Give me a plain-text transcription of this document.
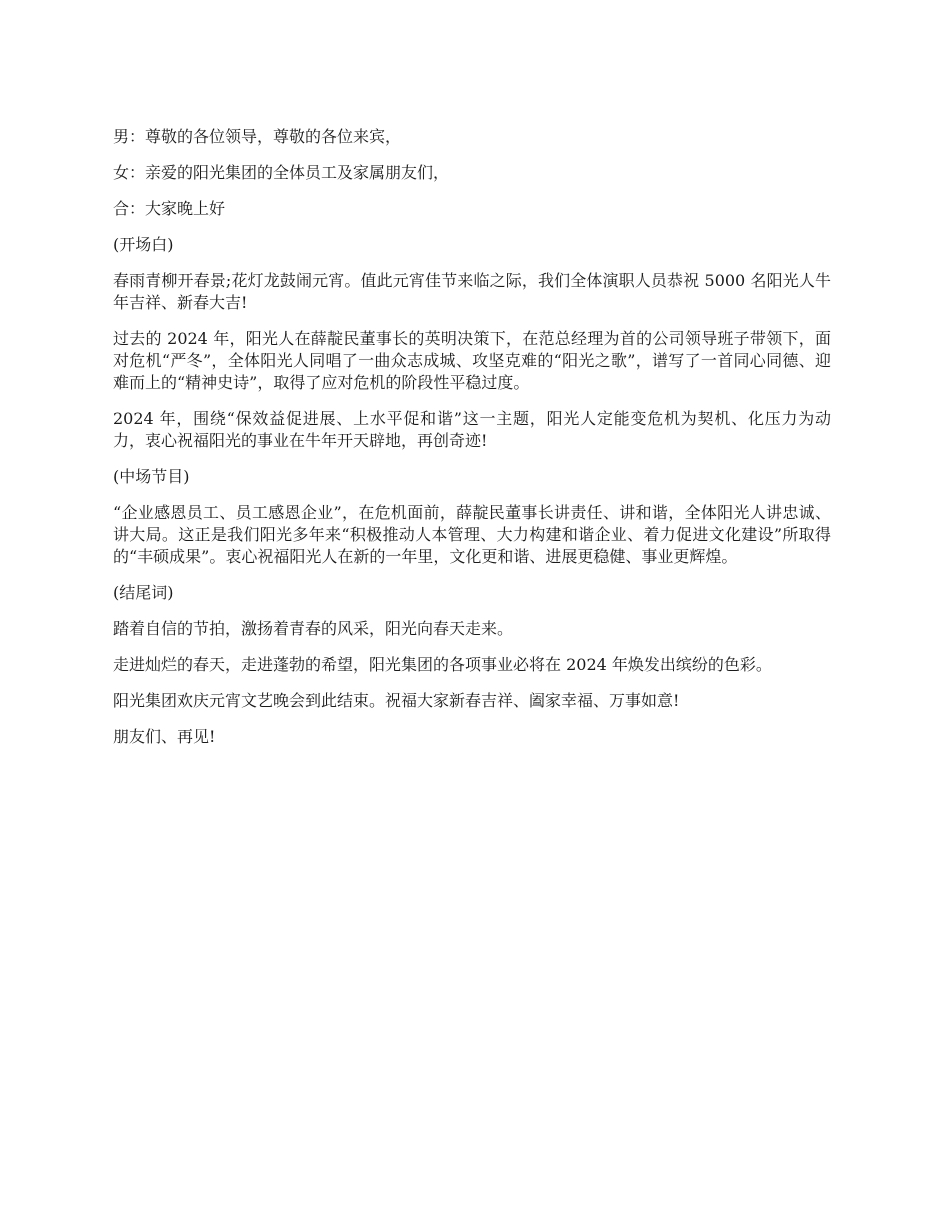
男：尊敬的各位领导，尊敬的各位来宾，

女：亲爱的阳光集团的全体员工及家属朋友们，

合：大家晚上好

(开场白)

春雨青柳开春景;花灯龙鼓闹元宵。值此元宵佳节来临之际，我们全体演职人员恭祝 5000 名阳光人牛年吉祥、新春大吉!

过去的 2024 年，阳光人在薛靛民董事长的英明决策下，在范总经理为首的公司领导班子带领下，面对危机“严冬”，全体阳光人同唱了一曲众志成城、攻坚克难的“阳光之歌”，谱写了一首同心同德、迎难而上的“精神史诗”，取得了应对危机的阶段性平稳过度。

2024 年，围绕“保效益促进展、上水平促和谐”这一主题，阳光人定能变危机为契机、化压力为动力，衷心祝福阳光的事业在牛年开天辟地，再创奇迹!

(中场节目)

“企业感恩员工、员工感恩企业”，在危机面前，薛靛民董事长讲责任、讲和谐，全体阳光人讲忠诚、讲大局。这正是我们阳光多年来“积极推动人本管理、大力构建和谐企业、着力促进文化建设”所取得的“丰硕成果”。衷心祝福阳光人在新的一年里，文化更和谐、进展更稳健、事业更辉煌。

(结尾词)

踏着自信的节拍，激扬着青春的风采，阳光向春天走来。

走进灿烂的春天，走进蓬勃的希望，阳光集团的各项事业必将在 2024 年焕发出缤纷的色彩。

阳光集团欢庆元宵文艺晚会到此结束。祝福大家新春吉祥、阖家幸福、万事如意!

朋友们、再见!
